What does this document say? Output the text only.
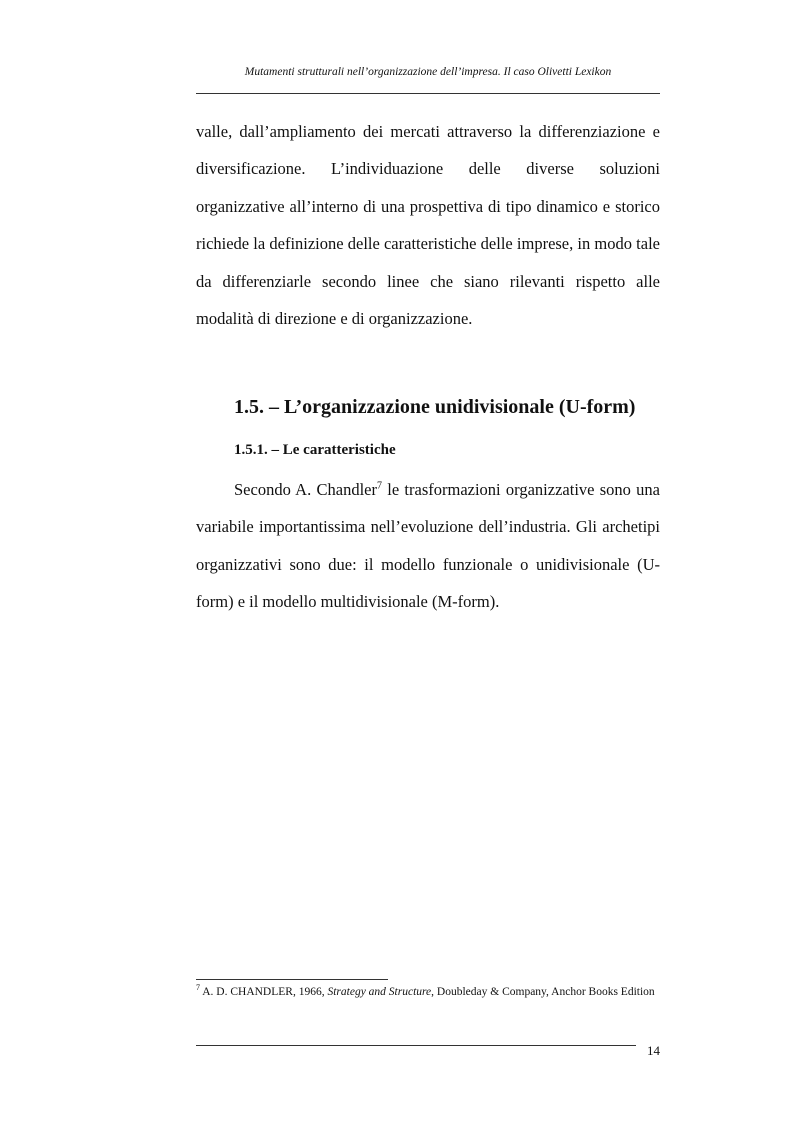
Mutamenti strutturali nell’organizzazione dell’impresa. Il caso Olivetti Lexikon

valle, dall’ampliamento dei mercati attraverso la differenziazione e diversificazione. L’individuazione delle diverse soluzioni organizzative all’interno di una prospettiva di tipo dinamico e storico richiede la definizione delle caratteristiche delle imprese, in modo tale da differenziarle secondo linee che siano rilevanti rispetto alle modalità di direzione e di organizzazione.

1.5. – L’organizzazione unidivisionale (U-form)
1.5.1. – Le caratteristiche

Secondo A. Chandler$^7$ le trasformazioni organizzative sono una variabile importantissima nell’evoluzione dell’industria. Gli archetipi organizzativi sono due: il modello funzionale o unidivisionale (U-form) e il modello multidivisionale (M-form).

$^7$ A. D. CHANDLER, 1966, Strategy and Structure, Doubleday & Company, Anchor Books Edition

14
